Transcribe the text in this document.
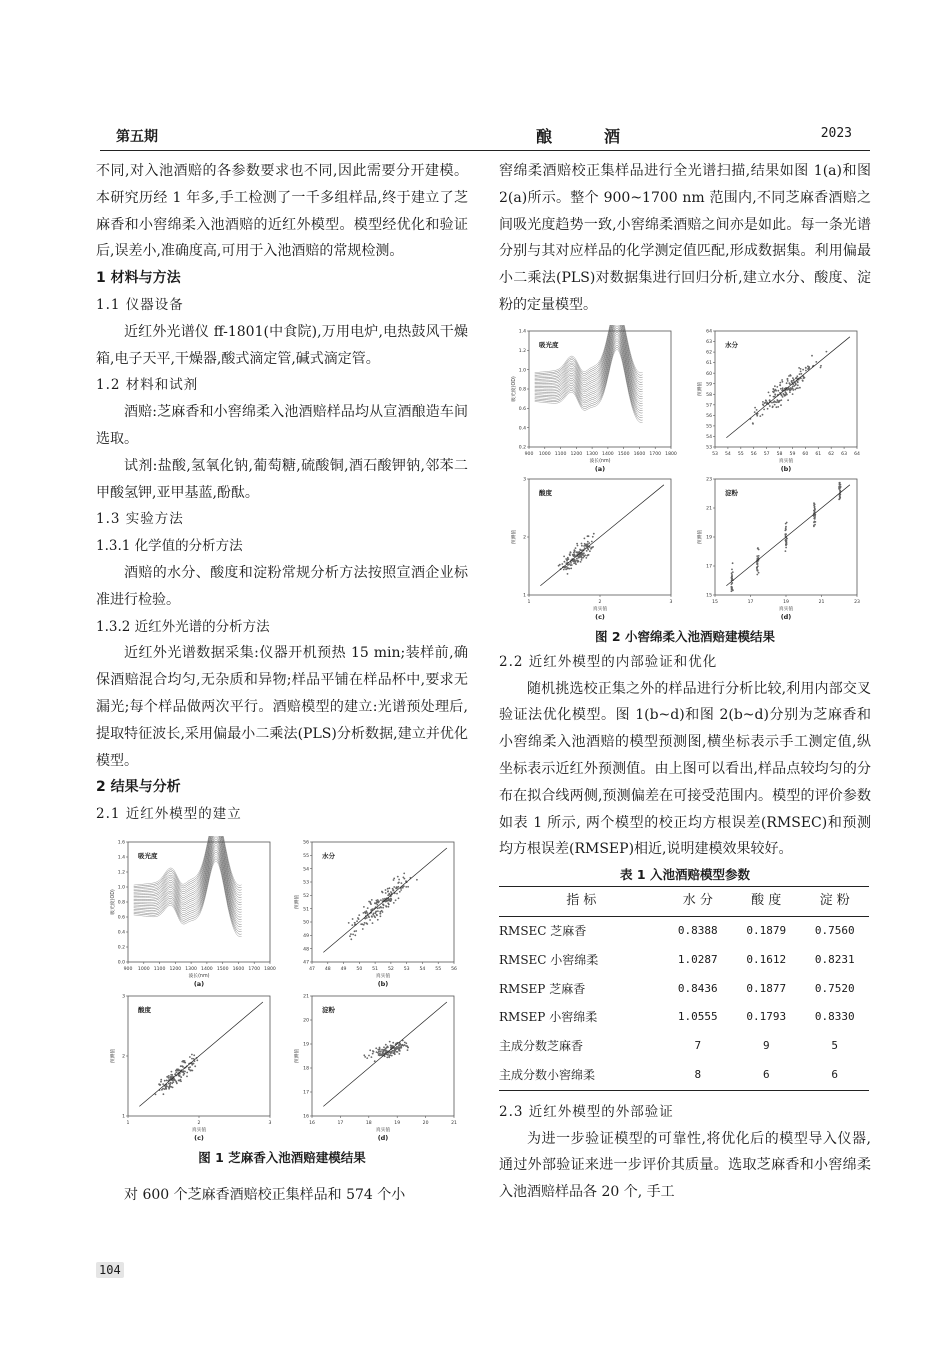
第五期	酿酒	2023

不同,对入池酒赔的各参数要求也不同,因此需要分开建模。本研究历经 1 年多,手工检测了一千多组样品,终于建立了芝麻香和小窖绵柔入池酒赔的近红外模型。模型经优化和验证后,误差小,准确度高,可用于入池酒赔的常规检测。

1 材料与方法

1.1 仪器设备

近红外光谱仪 ff-1801(中食院),万用电炉,电热鼓风干燥箱,电子天平,干燥器,酸式滴定管,碱式滴定管。

1.2 材料和试剂

酒赔:芝麻香和小窖绵柔入池酒赔样品均从宣酒酿造车间选取。

试剂:盐酸,氢氧化钠,葡萄糖,硫酸铜,酒石酸钾钠,邻苯二甲酸氢钾,亚甲基蓝,酚酞。

1.3 实验方法

1.3.1 化学值的分析方法

酒赔的水分、酸度和淀粉常规分析方法按照宣酒企业标准进行检验。

1.3.2 近红外光谱的分析方法

近红外光谱数据采集:仪器开机预热 15 min;装样前,确保酒赔混合均匀,无杂质和异物;样品平铺在样品杯中,要求无漏光;每个样品做两次平行。酒赔模型的建立:光谱预处理后,提取特征波长,采用偏最小二乘法(PLS)分析数据,建立并优化模型。

2 结果与分析

2.1 近红外模型的建立

900 1000 1100 1200 1300 1400 1500 1600 1700 1800
0.0
0.2
0.4
0.6
0.8
1.0
1.2
1.4
1.6
吸光度
波长(nm)
吸光度(OD)
(a)
47 48 49 50 51 52 53 54 55 56
47
48
49
50
51
52
53
54
55
56
水分
真实值
预测值
(b)
1	2	3
1
2
3
酸度
真实值
预测值
(c)
16	17	18	19	20	21
16
17
18
19
20
21
淀粉
真实值
预测值
(d)

图 1 芝麻香入池酒赔建模结果

对 600 个芝麻香酒赔校正集样品和 574 个小

窖绵柔酒赔校正集样品进行全光谱扫描,结果如图 1(a)和图 2(a)所示。整个 900~1700 nm 范围内,不同芝麻香酒赔之间吸光度趋势一致,小窖绵柔酒赔之间亦是如此。每一条光谱分别与其对应样品的化学测定值匹配,形成数据集。利用偏最小二乘法(PLS)对数据集进行回归分析,建立水分、酸度、淀粉的定量模型。

900 1000 1100 1200 1300 1400 1500 1600 1700 1800
0.2
0.4
0.6
0.8
1.0
1.2
1.4
吸光度
波长(nm)
吸光度(OD)
(a)
53 54 55 56 57 58 59 60 61 62 63 64
53
54
55
56
57
58
59
60
61
62
63
64
水分
真实值
预测值
(b)
1	2	3
1
2
3
酸度
真实值
预测值
(c)
15	17	19	21	23
15
17
19
21
23
淀粉
真实值
预测值
(d)

图 2 小窖绵柔入池酒赔建模结果

2.2 近红外模型的内部验证和优化

随机挑选校正集之外的样品进行分析比较,利用内部交叉验证法优化模型。图 1(b~d)和图 2(b~d)分别为芝麻香和小窖绵柔入池酒赔的模型预测图,横坐标表示手工测定值,纵坐标表示近红外预测值。由上图可以看出,样品点较均匀的分布在拟合线两侧,预测偏差在可接受范围内。模型的评价参数如表 1 所示, 两个模型的校正均方根误差(RMSEC)和预测均方根误差(RMSEP)相近,说明建模效果较好。

表 1 入池酒赔模型参数

指 标	水 分	酸 度	淀 粉
RMSEC 芝麻香	0.8388	0.1879	0.7560
RMSEC 小窖绵柔	1.0287	0.1612	0.8231
RMSEP 芝麻香	0.8436	0.1877	0.7520
RMSEP 小窖绵柔	1.0555	0.1793	0.8330
主成分数芝麻香	7	9	5
主成分数小窖绵柔	8	6	6

2.3 近红外模型的外部验证

为进一步验证模型的可靠性,将优化后的模型导入仪器,通过外部验证来进一步评价其质量。选取芝麻香和小窖绵柔入池酒赔样品各 20 个, 手工

104
